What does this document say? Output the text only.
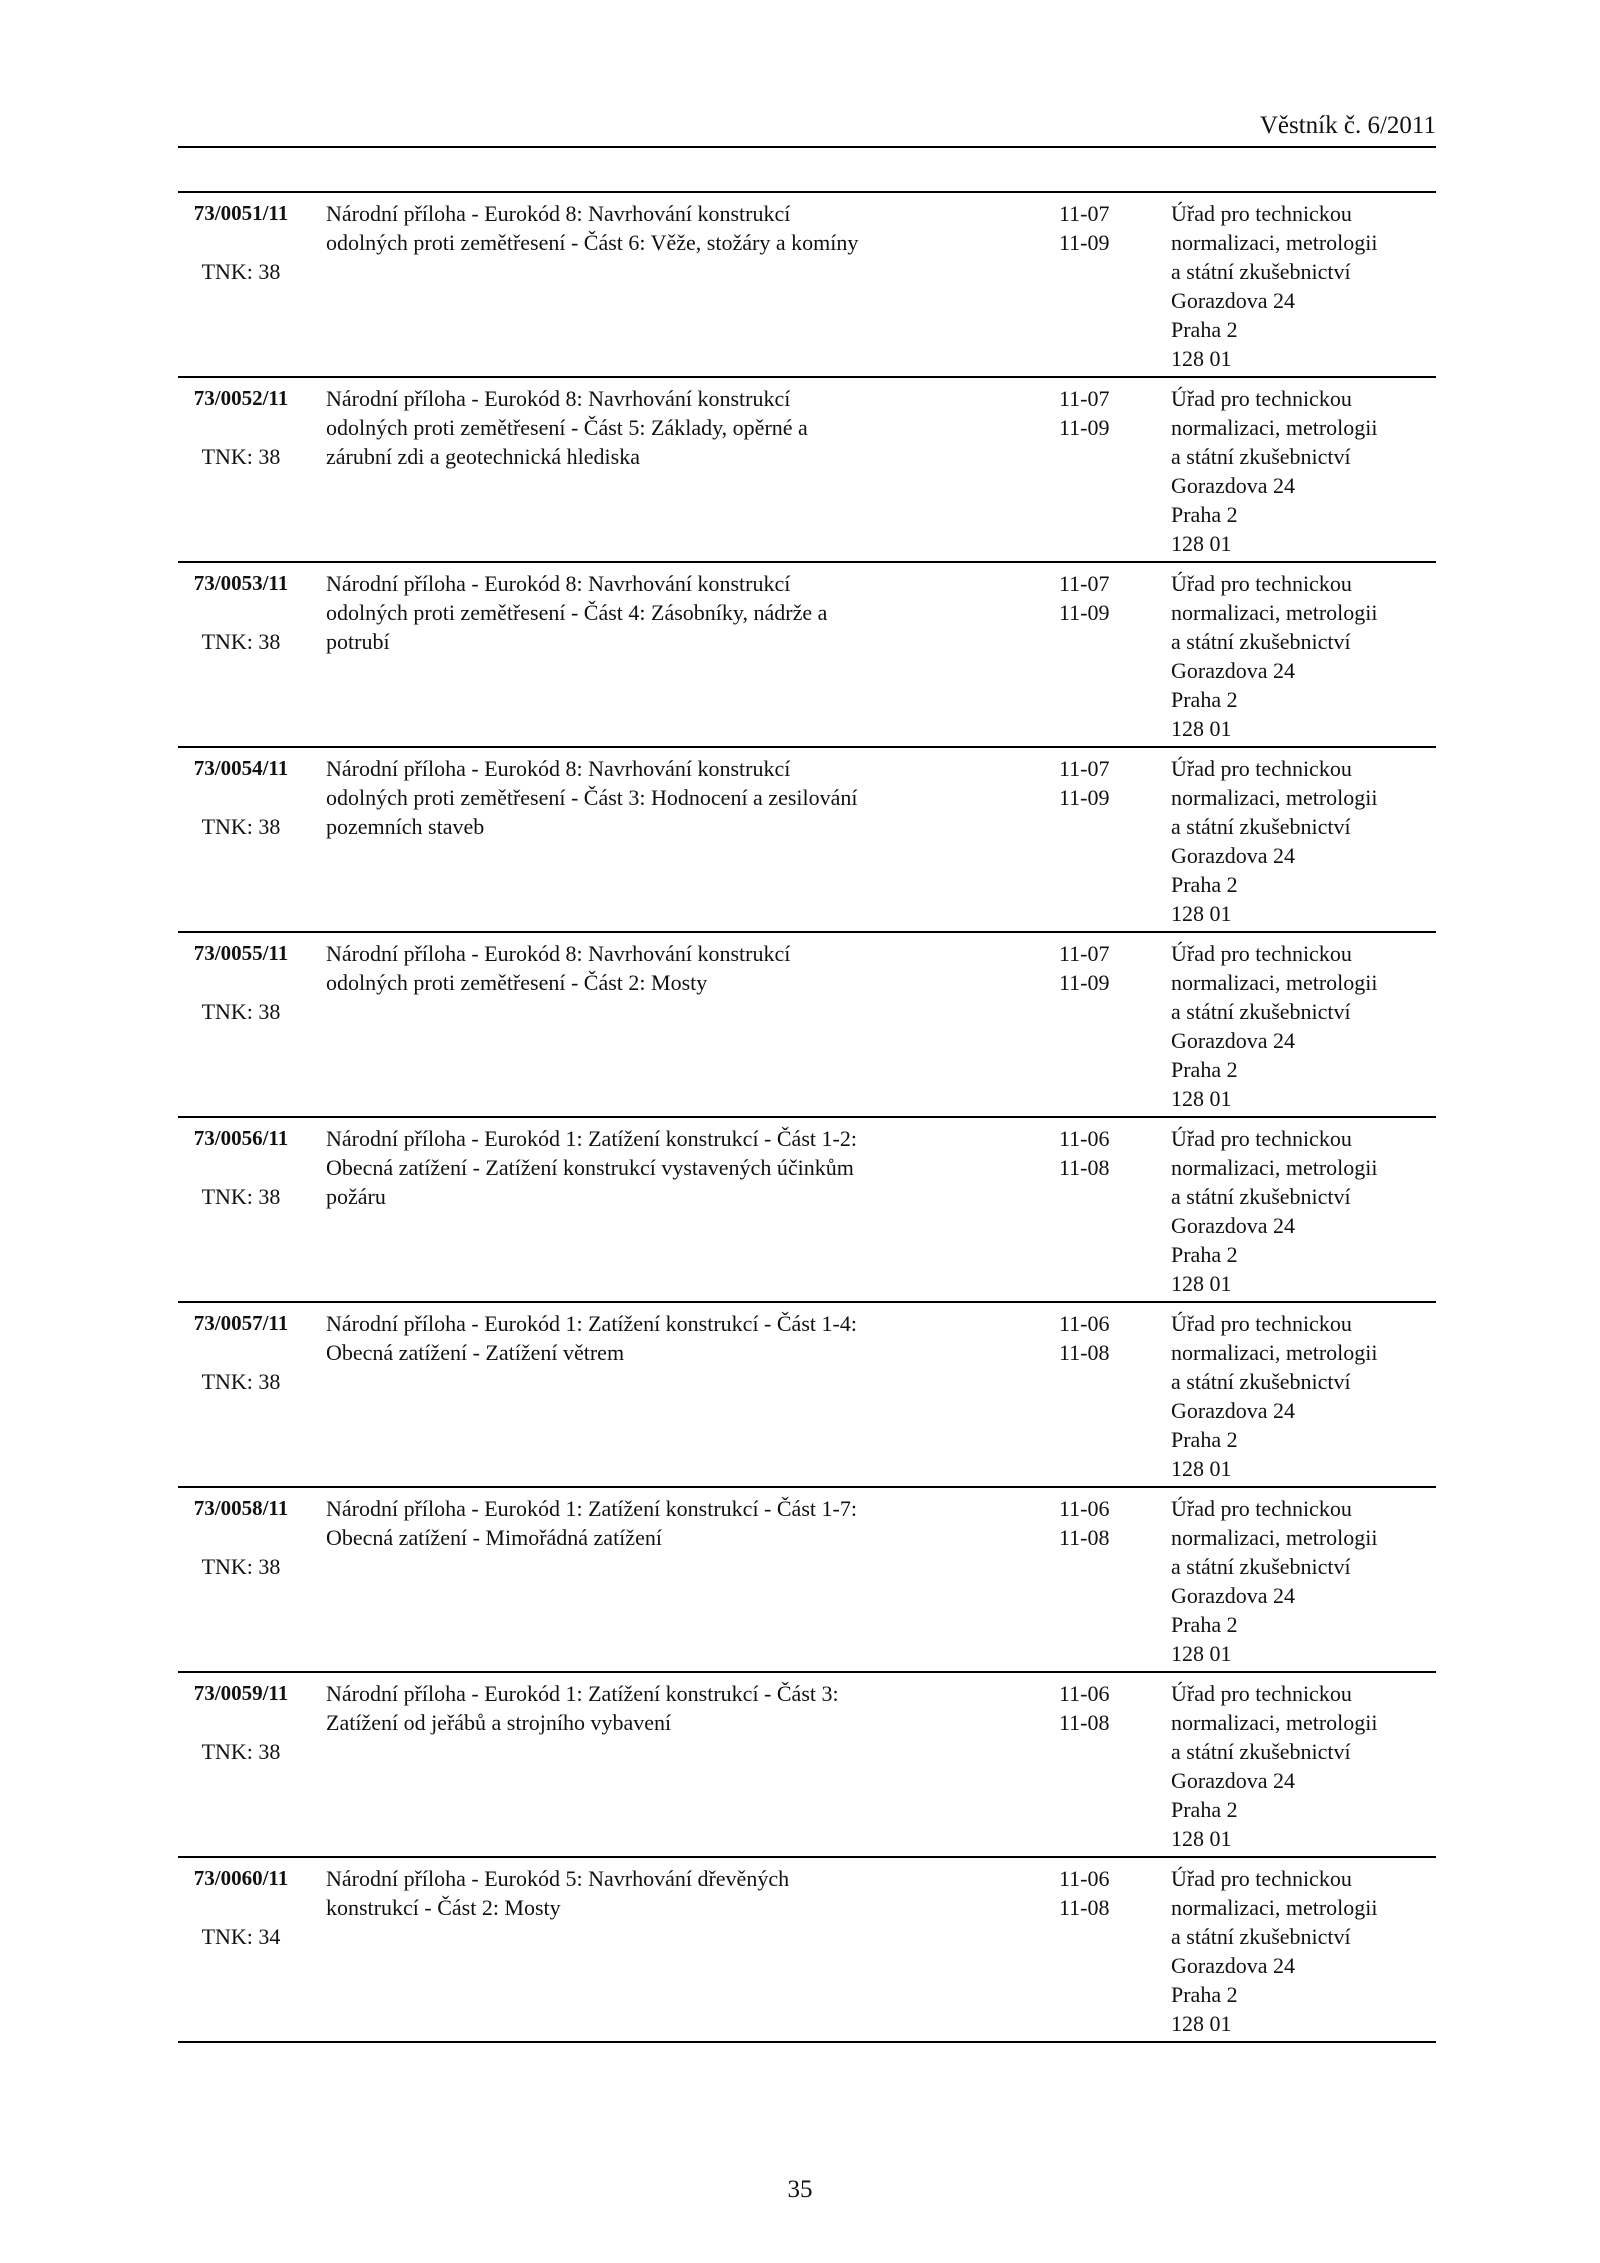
Věstník č. 6/2011
73/0051/11
TNK: 38
Národní příloha - Eurokód 8: Navrhování konstrukcí odolných proti zemětřesení - Část 6: Věže, stožáry a komíny
11-07
11-09
Úřad pro technickou
normalizaci, metrologii
a státní zkušebnictví
Gorazdova 24
Praha 2
128 01
73/0052/11
TNK: 38
Národní příloha - Eurokód 8: Navrhování konstrukcí odolných proti zemětřesení - Část 5: Základy, opěrné a zárubní zdi a geotechnická hlediska
11-07
11-09
Úřad pro technickou
normalizaci, metrologii
a státní zkušebnictví
Gorazdova 24
Praha 2
128 01
73/0053/11
TNK: 38
Národní příloha - Eurokód 8: Navrhování konstrukcí odolných proti zemětřesení - Část 4: Zásobníky, nádrže a potrubí
11-07
11-09
Úřad pro technickou
normalizaci, metrologii
a státní zkušebnictví
Gorazdova 24
Praha 2
128 01
73/0054/11
TNK: 38
Národní příloha - Eurokód 8: Navrhování konstrukcí odolných proti zemětřesení - Část 3: Hodnocení a zesilování pozemních staveb
11-07
11-09
Úřad pro technickou
normalizaci, metrologii
a státní zkušebnictví
Gorazdova 24
Praha 2
128 01
73/0055/11
TNK: 38
Národní příloha - Eurokód 8: Navrhování konstrukcí odolných proti zemětřesení - Část 2: Mosty
11-07
11-09
Úřad pro technickou
normalizaci, metrologii
a státní zkušebnictví
Gorazdova 24
Praha 2
128 01
73/0056/11
TNK: 38
Národní příloha - Eurokód 1: Zatížení konstrukcí - Část 1-2: Obecná zatížení - Zatížení konstrukcí vystavených účinkům požáru
11-06
11-08
Úřad pro technickou
normalizaci, metrologii
a státní zkušebnictví
Gorazdova 24
Praha 2
128 01
73/0057/11
TNK: 38
Národní příloha - Eurokód 1: Zatížení konstrukcí - Část 1-4: Obecná zatížení - Zatížení větrem
11-06
11-08
Úřad pro technickou
normalizaci, metrologii
a státní zkušebnictví
Gorazdova 24
Praha 2
128 01
73/0058/11
TNK: 38
Národní příloha - Eurokód 1: Zatížení konstrukcí - Část 1-7: Obecná zatížení - Mimořádná zatížení
11-06
11-08
Úřad pro technickou
normalizaci, metrologii
a státní zkušebnictví
Gorazdova 24
Praha 2
128 01
73/0059/11
TNK: 38
Národní příloha - Eurokód 1: Zatížení konstrukcí - Část 3: Zatížení od jeřábů a strojního vybavení
11-06
11-08
Úřad pro technickou
normalizaci, metrologii
a státní zkušebnictví
Gorazdova 24
Praha 2
128 01
73/0060/11
TNK: 34
Národní příloha - Eurokód 5: Navrhování dřevěných konstrukcí - Část 2: Mosty
11-06
11-08
Úřad pro technickou
normalizaci, metrologii
a státní zkušebnictví
Gorazdova 24
Praha 2
128 01
35
